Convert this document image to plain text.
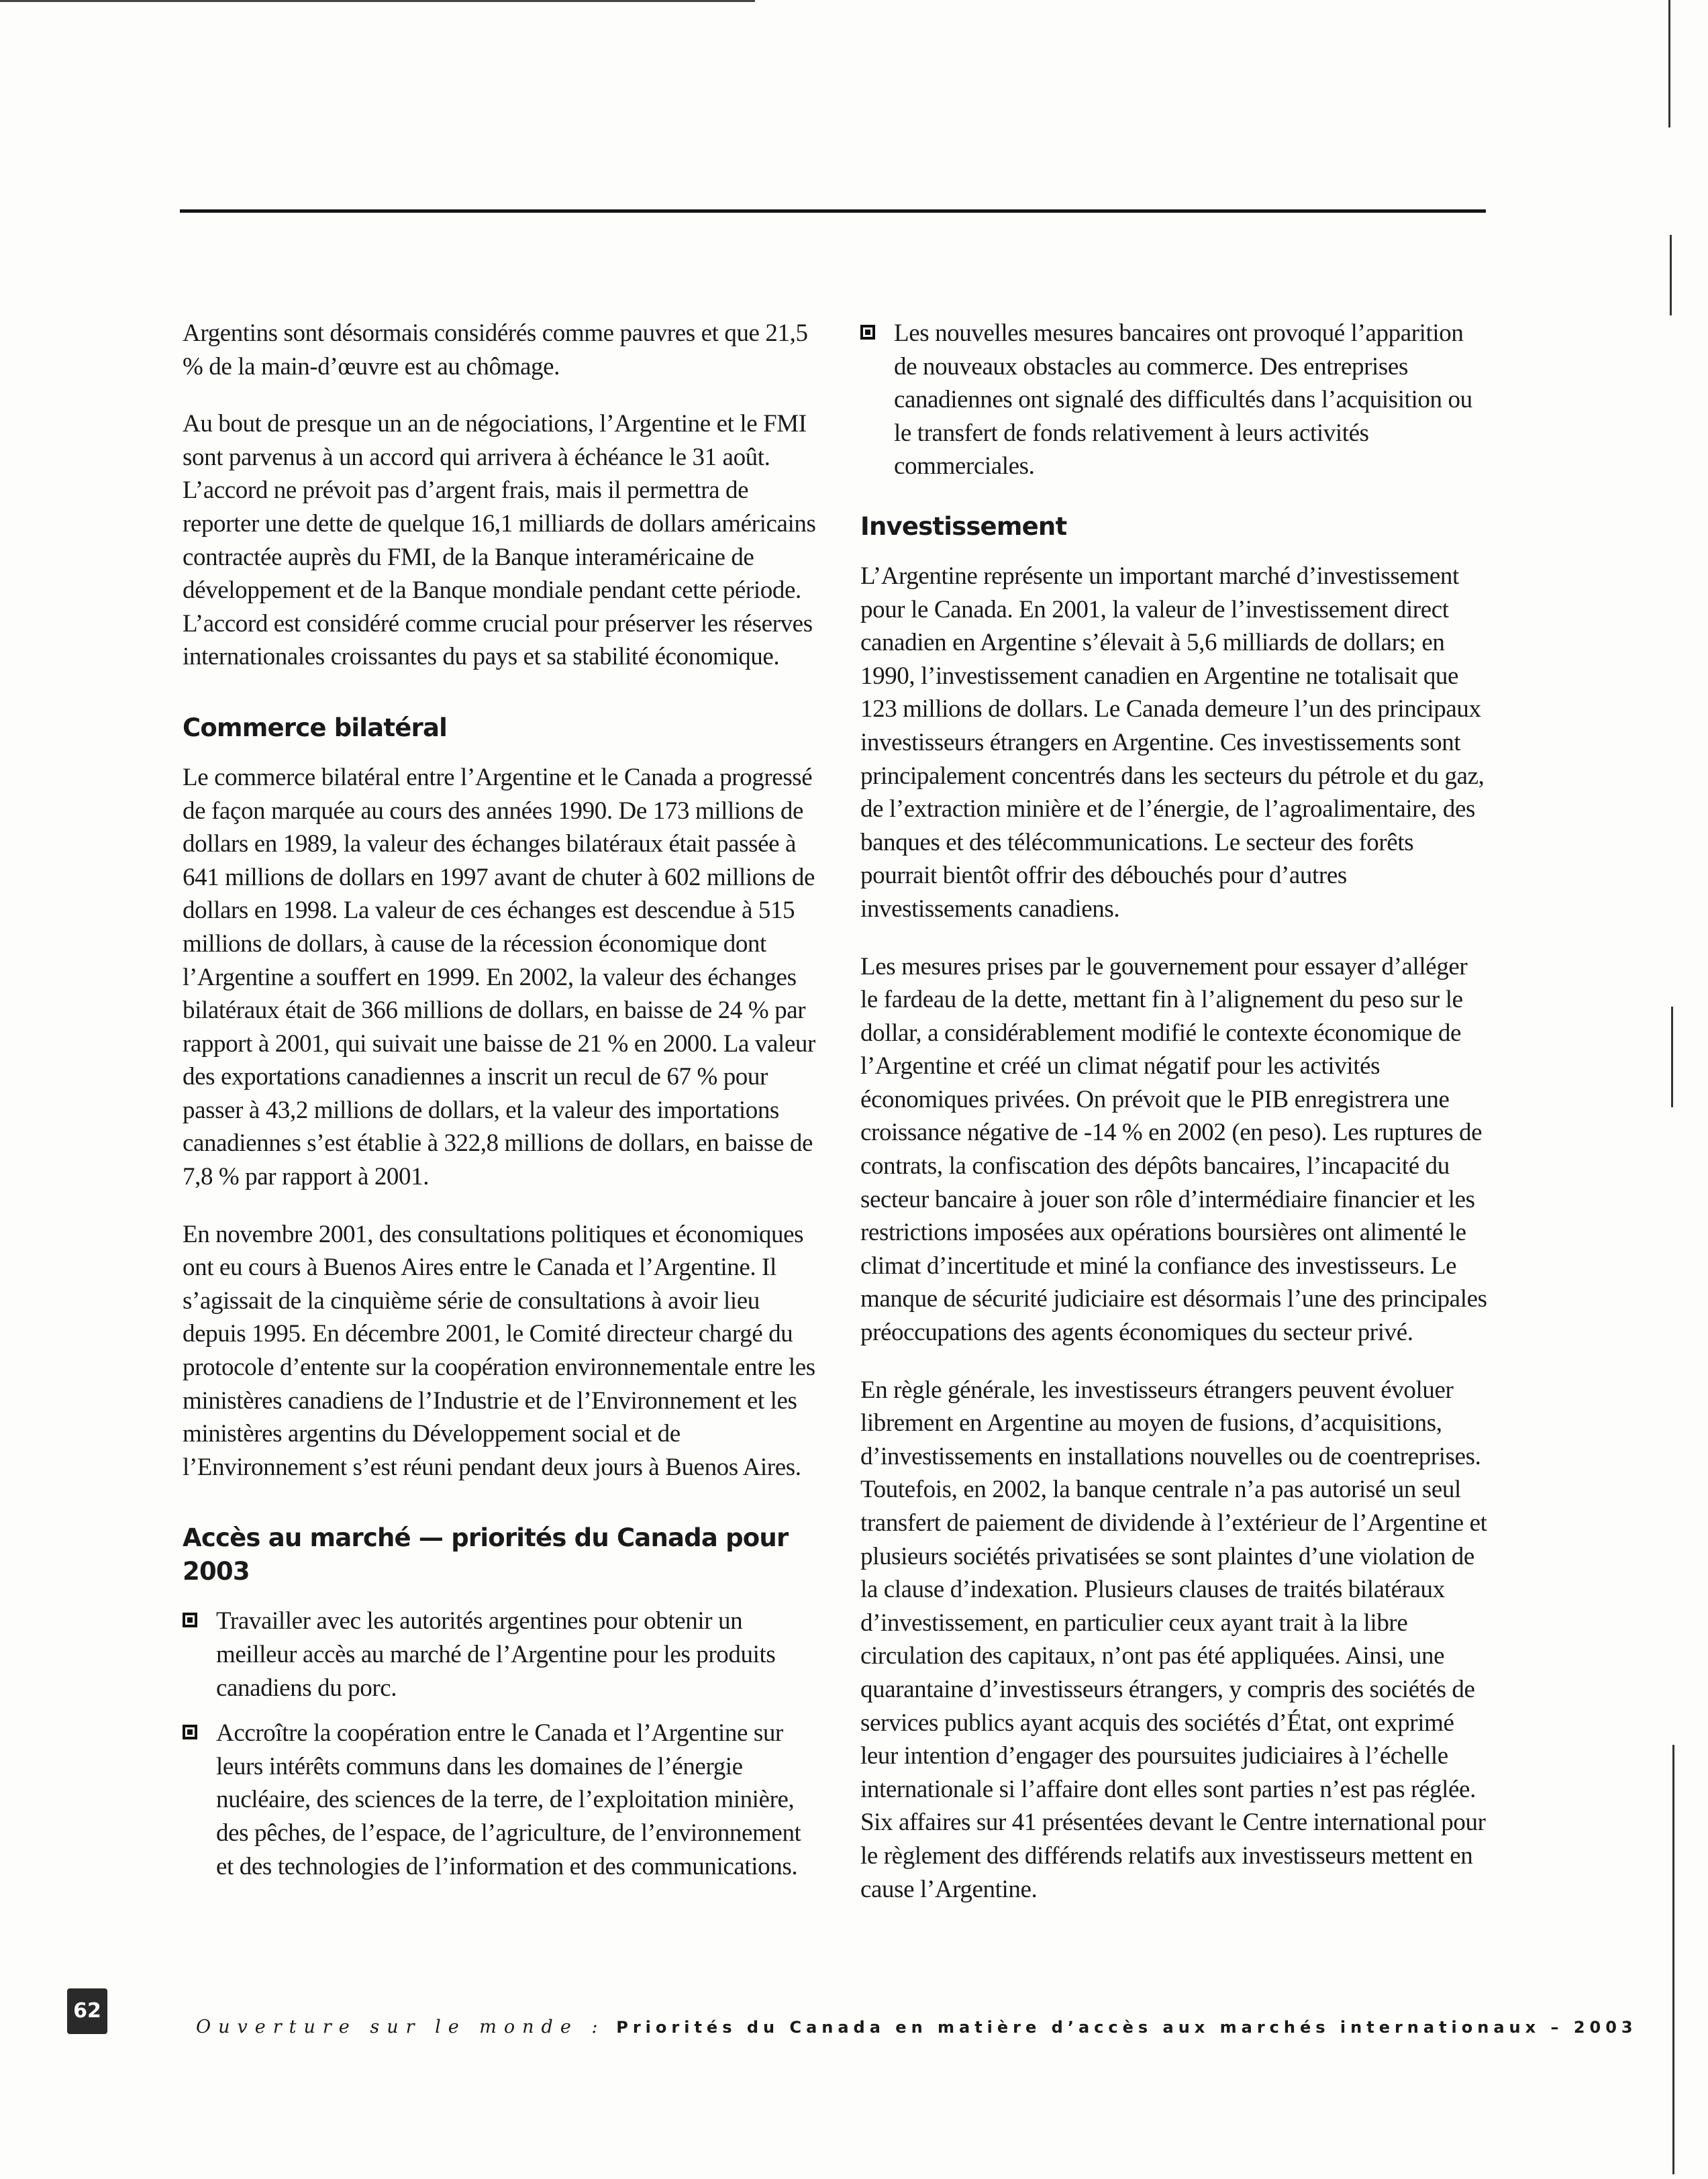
Argentins sont désormais considérés comme pauvres et que 21,5 % de la main-d’œuvre est au chômage.

Au bout de presque un an de négociations, l’Argentine et le FMI sont parvenus à un accord qui arrivera à échéance le 31 août. L’accord ne prévoit pas d’argent frais, mais il permettra de reporter une dette de quelque 16,1 milliards de dollars américains contractée auprès du FMI, de la Banque interaméricaine de développement et de la Banque mondiale pendant cette période. L’accord est considéré comme crucial pour préserver les réserves internationales croissantes du pays et sa stabilité économique.

Commerce bilatéral

Le commerce bilatéral entre l’Argentine et le Canada a progressé de façon marquée au cours des années 1990. De 173 millions de dollars en 1989, la valeur des échanges bilatéraux était passée à 641 millions de dollars en 1997 avant de chuter à 602 millions de dollars en 1998. La valeur de ces échanges est descendue à 515 millions de dollars, à cause de la récession économique dont l’Argentine a souffert en 1999. En 2002, la valeur des échanges bilatéraux était de 366 millions de dollars, en baisse de 24 % par rapport à 2001, qui suivait une baisse de 21 % en 2000. La valeur des exportations canadiennes a inscrit un recul de 67 % pour passer à 43,2 millions de dollars, et la valeur des importations canadiennes s’est établie à 322,8 millions de dollars, en baisse de 7,8 % par rapport à 2001.

En novembre 2001, des consultations politiques et économiques ont eu cours à Buenos Aires entre le Canada et l’Argentine. Il s’agissait de la cinquième série de consultations à avoir lieu depuis 1995. En décembre 2001, le Comité directeur chargé du protocole d’entente sur la coopération environnementale entre les ministères canadiens de l’Industrie et de l’Environnement et les ministères argentins du Développement social et de l’Environnement s’est réuni pendant deux jours à Buenos Aires.

Accès au marché — priorités du Canada pour 2003
Travailler avec les autorités argentines pour obtenir un meilleur accès au marché de l’Argentine pour les produits canadiens du porc.
Accroître la coopération entre le Canada et l’Argentine sur leurs intérêts communs dans les domaines de l’énergie nucléaire, des sciences de la terre, de l’exploitation minière, des pêches, de l’espace, de l’agriculture, de l’environnement et des technologies de l’information et des communications.
Les nouvelles mesures bancaires ont provoqué l’apparition de nouveaux obstacles au commerce. Des entreprises canadiennes ont signalé des difficultés dans l’acquisition ou le transfert de fonds relativement à leurs activités commerciales.
Investissement

L’Argentine représente un important marché d’investissement pour le Canada. En 2001, la valeur de l’investissement direct canadien en Argentine s’élevait à 5,6 milliards de dollars; en 1990, l’investissement canadien en Argentine ne totalisait que 123 millions de dollars. Le Canada demeure l’un des principaux investisseurs étrangers en Argentine. Ces investissements sont principalement concentrés dans les secteurs du pétrole et du gaz, de l’extraction minière et de l’énergie, de l’agroalimentaire, des banques et des télécommunications. Le secteur des forêts pourrait bientôt offrir des débouchés pour d’autres investissements canadiens.

Les mesures prises par le gouvernement pour essayer d’alléger le fardeau de la dette, mettant fin à l’alignement du peso sur le dollar, a considérablement modifié le contexte économique de l’Argentine et créé un climat négatif pour les activités économiques privées. On prévoit que le PIB enregistrera une croissance négative de -14 % en 2002 (en peso). Les ruptures de contrats, la confiscation des dépôts bancaires, l’incapacité du secteur bancaire à jouer son rôle d’intermédiaire financier et les restrictions imposées aux opérations boursières ont alimenté le climat d’incertitude et miné la confiance des investisseurs. Le manque de sécurité judiciaire est désormais l’une des principales préoccupations des agents économiques du secteur privé.

En règle générale, les investisseurs étrangers peuvent évoluer librement en Argentine au moyen de fusions, d’acquisitions, d’investissements en installations nouvelles ou de coentreprises. Toutefois, en 2002, la banque centrale n’a pas autorisé un seul transfert de paiement de dividende à l’extérieur de l’Argentine et plusieurs sociétés privatisées se sont plaintes d’une violation de la clause d’indexation. Plusieurs clauses de traités bilatéraux d’investissement, en particulier ceux ayant trait à la libre circulation des capitaux, n’ont pas été appliquées. Ainsi, une quarantaine d’investisseurs étrangers, y compris des sociétés de services publics ayant acquis des sociétés d’État, ont exprimé leur intention d’engager des poursuites judiciaires à l’échelle internationale si l’affaire dont elles sont parties n’est pas réglée. Six affaires sur 41 présentées devant le Centre international pour le règlement des différends relatifs aux investisseurs mettent en cause l’Argentine.

62
Ouverture sur le monde : Priorités du Canada en matière d’accès aux marchés internationaux – 2003
